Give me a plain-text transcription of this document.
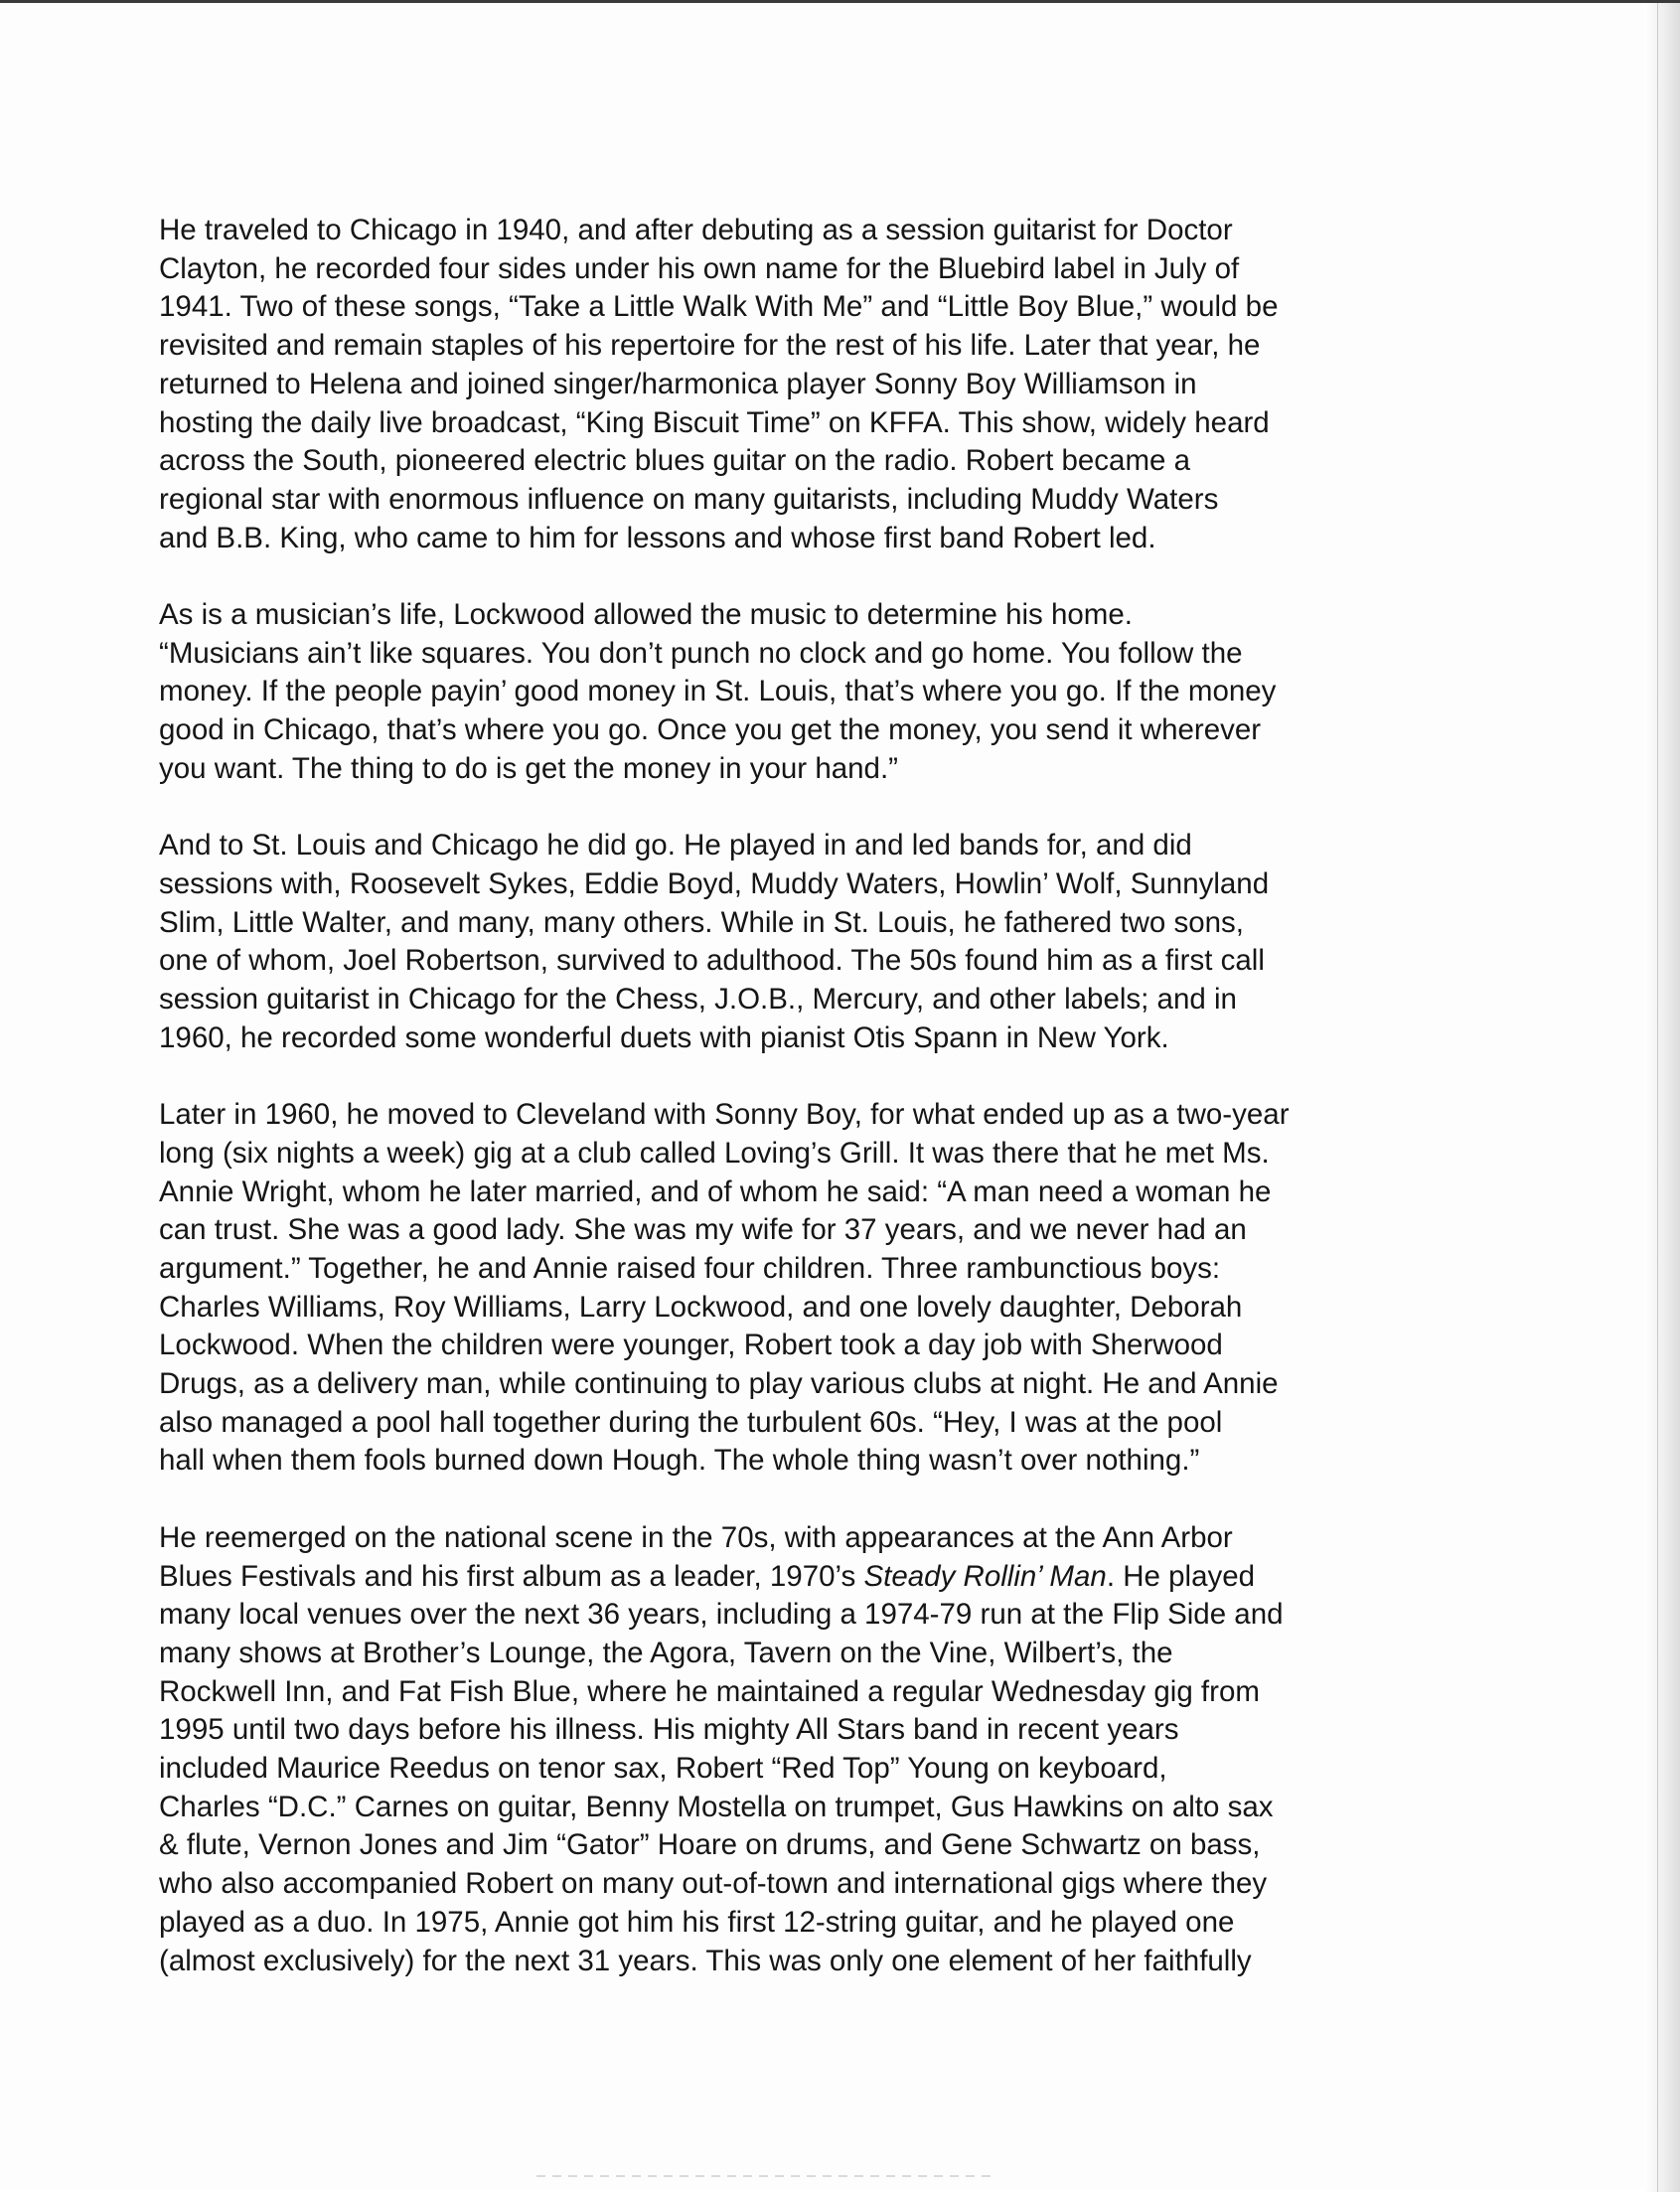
He traveled to Chicago in 1940, and after debuting as a session guitarist for Doctor
Clayton, he recorded four sides under his own name for the Bluebird label in July of
1941. Two of these songs, “Take a Little Walk With Me” and “Little Boy Blue,” would be
revisited and remain staples of his repertoire for the rest of his life. Later that year, he
returned to Helena and joined singer/harmonica player Sonny Boy Williamson in
hosting the daily live broadcast, “King Biscuit Time” on KFFA. This show, widely heard
across the South, pioneered electric blues guitar on the radio. Robert became a
regional star with enormous influence on many guitarists, including Muddy Waters
and B.B. King, who came to him for lessons and whose first band Robert led.

As is a musician’s life, Lockwood allowed the music to determine his home.
“Musicians ain’t like squares. You don’t punch no clock and go home. You follow the
money. If the people payin’ good money in St. Louis, that’s where you go. If the money
good in Chicago, that’s where you go. Once you get the money, you send it wherever
you want. The thing to do is get the money in your hand.”

And to St. Louis and Chicago he did go. He played in and led bands for, and did
sessions with, Roosevelt Sykes, Eddie Boyd, Muddy Waters, Howlin’ Wolf, Sunnyland
Slim, Little Walter, and many, many others. While in St. Louis, he fathered two sons,
one of whom, Joel Robertson, survived to adulthood. The 50s found him as a first call
session guitarist in Chicago for the Chess, J.O.B., Mercury, and other labels; and in
1960, he recorded some wonderful duets with pianist Otis Spann in New York.

Later in 1960, he moved to Cleveland with Sonny Boy, for what ended up as a two-year
long (six nights a week) gig at a club called Loving’s Grill. It was there that he met Ms.
Annie Wright, whom he later married, and of whom he said: “A man need a woman he
can trust. She was a good lady. She was my wife for 37 years, and we never had an
argument.” Together, he and Annie raised four children. Three rambunctious boys:
Charles Williams, Roy Williams, Larry Lockwood, and one lovely daughter, Deborah
Lockwood. When the children were younger, Robert took a day job with Sherwood
Drugs, as a delivery man, while continuing to play various clubs at night. He and Annie
also managed a pool hall together during the turbulent 60s. “Hey, I was at the pool
hall when them fools burned down Hough. The whole thing wasn’t over nothing.”

He reemerged on the national scene in the 70s, with appearances at the Ann Arbor
Blues Festivals and his first album as a leader, 1970’s Steady Rollin’ Man. He played
many local venues over the next 36 years, including a 1974-79 run at the Flip Side and
many shows at Brother’s Lounge, the Agora, Tavern on the Vine, Wilbert’s, the
Rockwell Inn, and Fat Fish Blue, where he maintained a regular Wednesday gig from
1995 until two days before his illness. His mighty All Stars band in recent years
included Maurice Reedus on tenor sax, Robert “Red Top” Young on keyboard,
Charles “D.C.” Carnes on guitar, Benny Mostella on trumpet, Gus Hawkins on alto sax
& flute, Vernon Jones and Jim “Gator” Hoare on drums, and Gene Schwartz on bass,
who also accompanied Robert on many out-of-town and international gigs where they
played as a duo. In 1975, Annie got him his first 12-string guitar, and he played one
(almost exclusively) for the next 31 years. This was only one element of her faithfully
